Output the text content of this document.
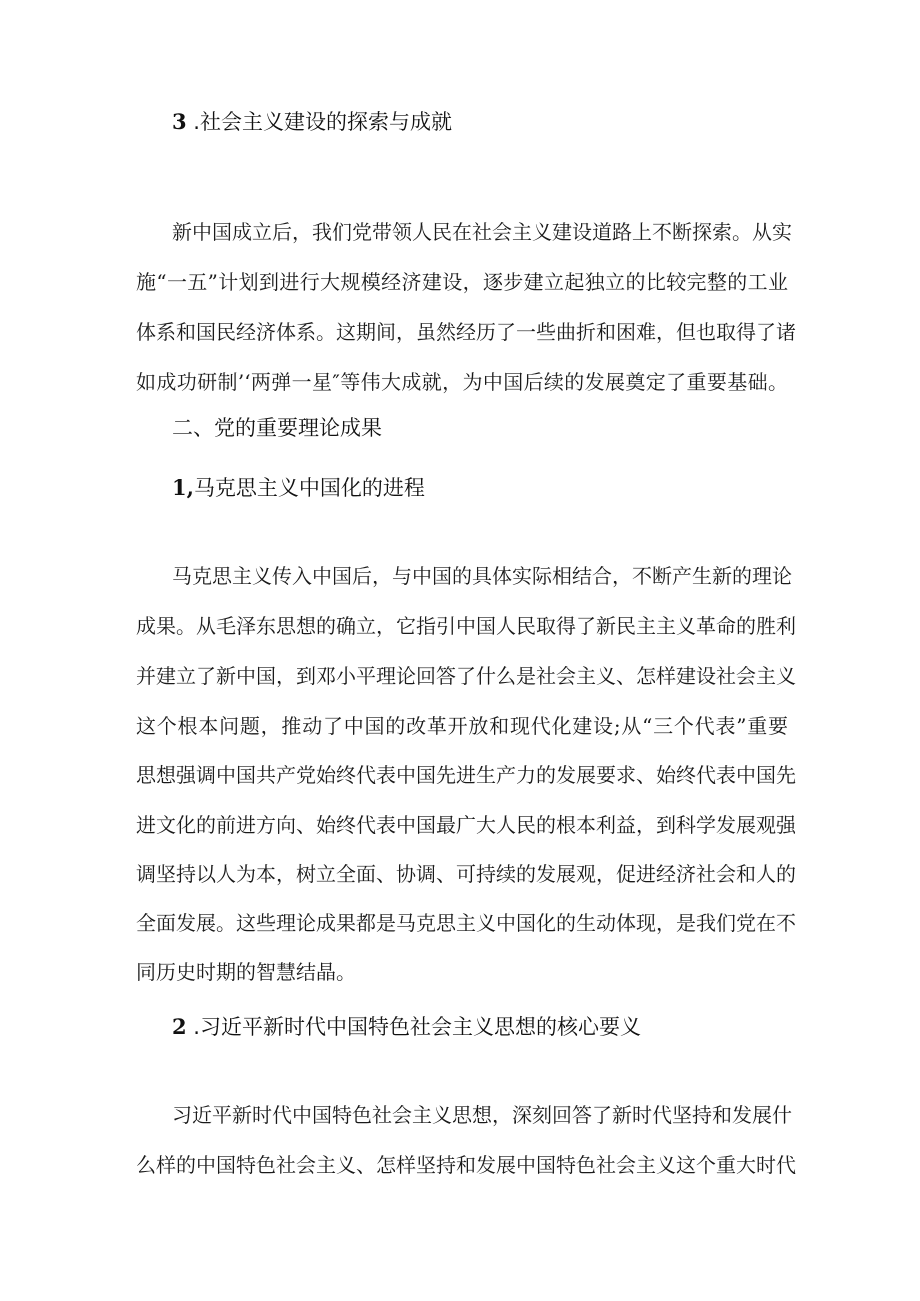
3 .社会主义建设的探索与成就
新中国成立后，我们党带领人民在社会主义建设道路上不断探索。从实
施“一五”计划到进行大规模经济建设，逐步建立起独立的比较完整的工业
体系和国民经济体系。这期间，虽然经历了一些曲折和困难，但也取得了诸
如成功研制’‘两弹一星″等伟大成就，为中国后续的发展奠定了重要基础。
二、党的重要理论成果
1,马克思主义中国化的进程
马克思主义传入中国后，与中国的具体实际相结合，不断产生新的理论
成果。从毛泽东思想的确立，它指引中国人民取得了新民主主义革命的胜利
并建立了新中国，到邓小平理论回答了什么是社会主义、怎样建设社会主义
这个根本问题，推动了中国的改革开放和现代化建设;从“三个代表”重要
思想强调中国共产党始终代表中国先进生产力的发展要求、始终代表中国先
进文化的前进方向、始终代表中国最广大人民的根本利益，到科学发展观强
调坚持以人为本，树立全面、协调、可持续的发展观，促进经济社会和人的
全面发展。这些理论成果都是马克思主义中国化的生动体现，是我们党在不
同历史时期的智慧结晶。
2 .习近平新时代中国特色社会主义思想的核心要义
习近平新时代中国特色社会主义思想，深刻回答了新时代坚持和发展什
么样的中国特色社会主义、怎样坚持和发展中国特色社会主义这个重大时代
